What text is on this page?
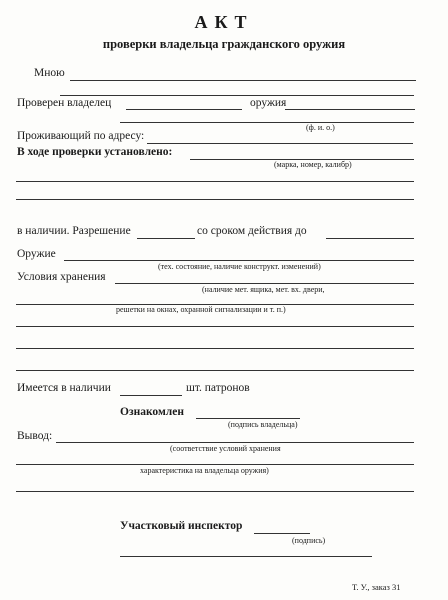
АКТ
проверки владельца гражданского оружия
Мною
Проверен владелец	оружия
(ф. и. о.)
Проживающий по адресу:
В ходе проверки установлено:
(марка, номер, калибр)
в наличии. Разрешение	со сроком действия до
Оружие
(тех. состояние, наличие конструкт. изменений)
Условия хранения
(наличие мет. ящика, мет. вх. двери,
решетки на окнах, охранной сигнализации и т. п.)
Имеется в наличии	шт. патронов
Ознакомлен
(подпись владельца)
Вывод:
(соответствие условий хранения
характеристика на владельца оружия)
Участковый инспектор
(подпись)
Т. У., заказ 31
